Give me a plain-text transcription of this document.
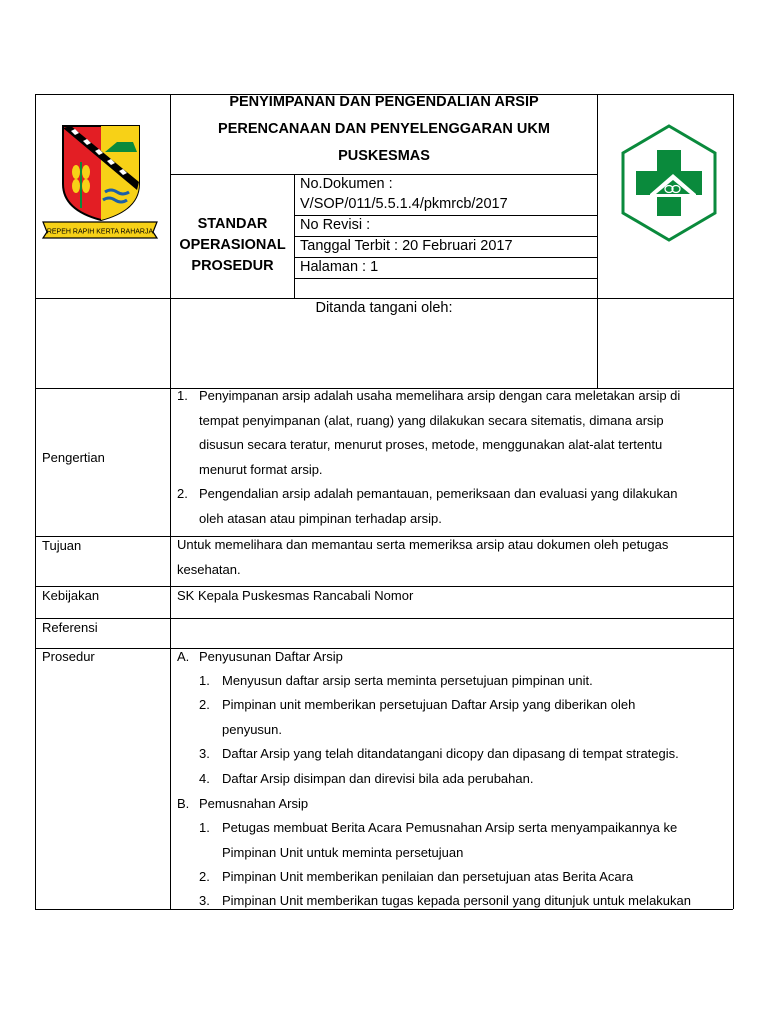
REPEH RAPIH KERTA RAHARJA
PENYIMPANAN DAN PENGENDALIAN ARSIP
PERENCANAAN DAN PENYELENGGARAN UKM
PUSKESMAS
STANDAR
OPERASIONAL
PROSEDUR
No.Dokumen :
V/SOP/011/5.5.1.4/pkmrcb/2017
No Revisi :
Tanggal Terbit : 20 Februari 2017
Halaman : 1
Ditanda tangani oleh:
Pengertian
1. Penyimpanan arsip adalah usaha memelihara arsip dengan cara meletakan arsip di
tempat penyimpanan (alat, ruang) yang dilakukan secara sitematis, dimana arsip
disusun secara teratur, menurut proses, metode, menggunakan alat-alat tertentu
menurut format arsip.
2. Pengendalian arsip adalah pemantauan, pemeriksaan dan evaluasi yang dilakukan
oleh atasan atau pimpinan terhadap arsip.
Tujuan	Untuk memelihara dan memantau serta memeriksa arsip atau dokumen oleh petugas
kesehatan.
Kebijakan	SK Kepala Puskesmas Rancabali Nomor
Referensi
Prosedur	A. Penyusunan Daftar Arsip
1. Menyusun daftar arsip serta meminta persetujuan pimpinan unit.
2. Pimpinan unit memberikan persetujuan Daftar Arsip yang diberikan oleh
penyusun.
3. Daftar Arsip yang telah ditandatangani dicopy dan dipasang di tempat strategis.
4. Daftar Arsip disimpan dan direvisi bila ada perubahan.
B. Pemusnahan Arsip
1. Petugas membuat Berita Acara Pemusnahan Arsip serta menyampaikannya ke
Pimpinan Unit untuk meminta persetujuan
2. Pimpinan Unit memberikan penilaian dan persetujuan atas Berita Acara
3. Pimpinan Unit memberikan tugas kepada personil yang ditunjuk untuk melakukan
